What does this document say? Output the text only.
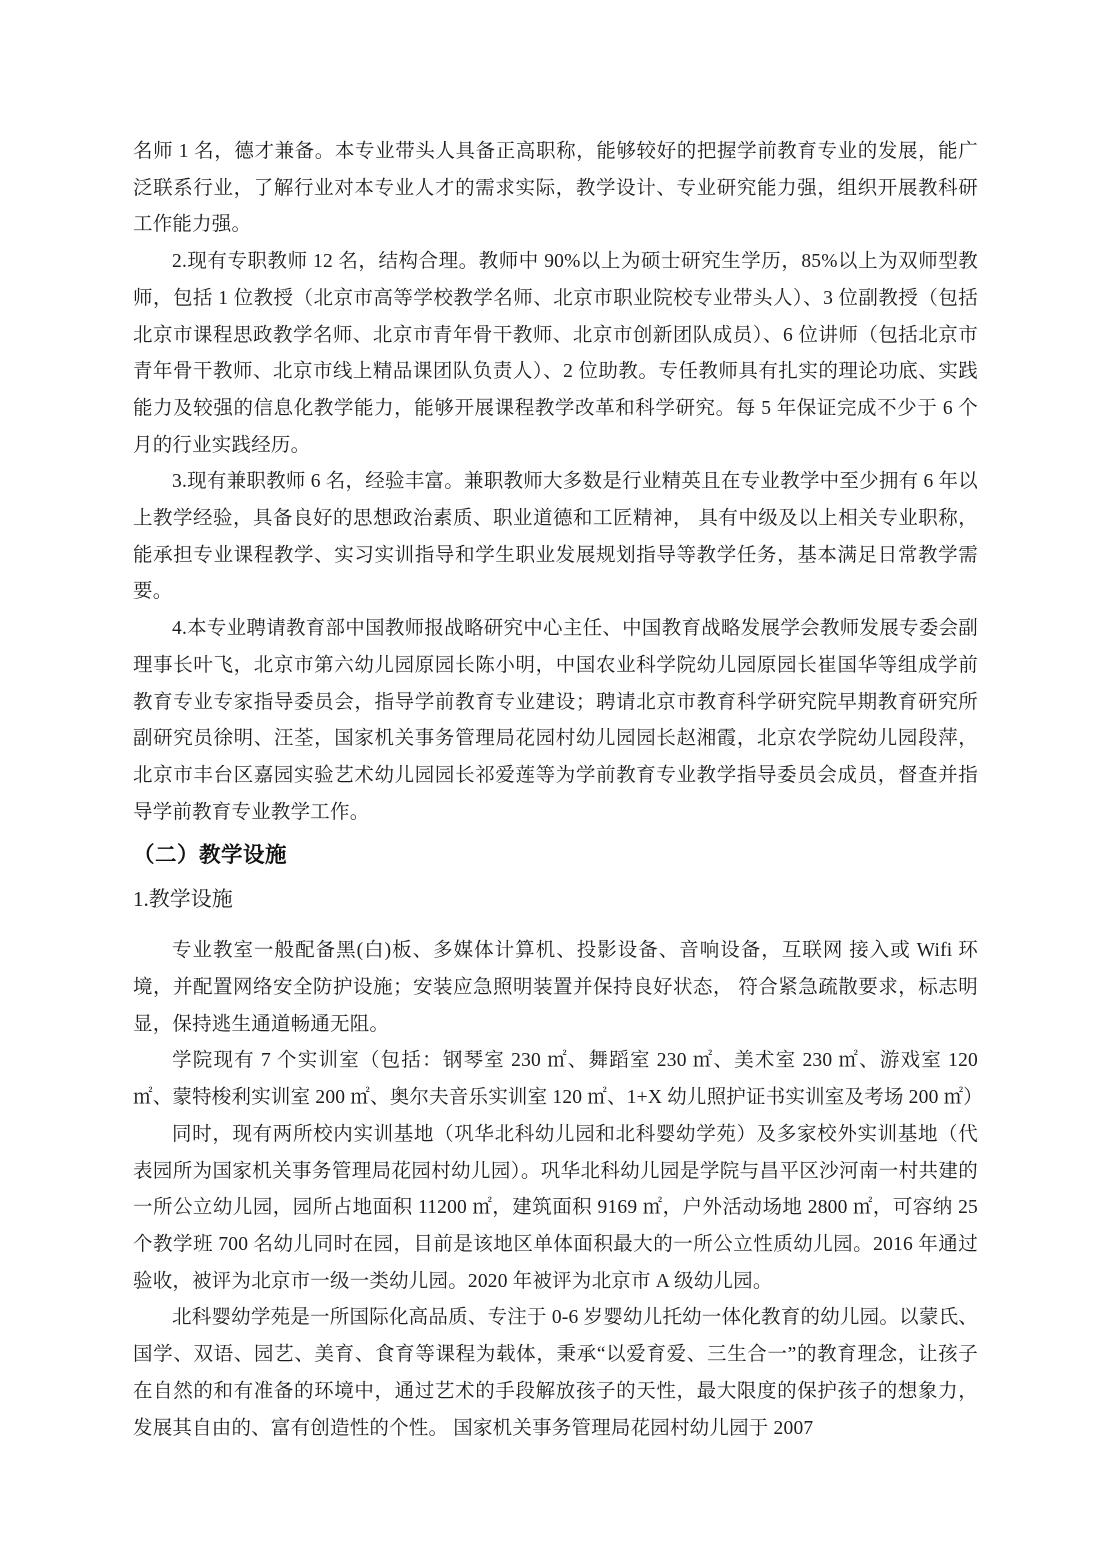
名师 1 名，德才兼备。本专业带头人具备正高职称，能够较好的把握学前教育专业的发展，能广泛联系行业，了解行业对本专业人才的需求实际，教学设计、专业研究能力强，组织开展教科研工作能力强。

2.现有专职教师 12 名，结构合理。教师中 90%以上为硕士研究生学历，85%以上为双师型教师，包括 1 位教授（北京市高等学校教学名师、北京市职业院校专业带头人）、3 位副教授（包括北京市课程思政教学名师、北京市青年骨干教师、北京市创新团队成员）、6 位讲师（包括北京市青年骨干教师、北京市线上精品课团队负责人）、2 位助教。专任教师具有扎实的理论功底、实践能力及较强的信息化教学能力，能够开展课程教学改革和科学研究。每 5 年保证完成不少于 6 个月的行业实践经历。

3.现有兼职教师 6 名，经验丰富。兼职教师大多数是行业精英且在专业教学中至少拥有 6 年以上教学经验，具备良好的思想政治素质、职业道德和工匠精神， 具有中级及以上相关专业职称，能承担专业课程教学、实习实训指导和学生职业发展规划指导等教学任务，基本满足日常教学需要。

4.本专业聘请教育部中国教师报战略研究中心主任、中国教育战略发展学会教师发展专委会副理事长叶飞，北京市第六幼儿园原园长陈小明，中国农业科学院幼儿园原园长崔国华等组成学前教育专业专家指导委员会，指导学前教育专业建设；聘请北京市教育科学研究院早期教育研究所副研究员徐明、汪荃，国家机关事务管理局花园村幼儿园园长赵湘霞，北京农学院幼儿园段萍，北京市丰台区嘉园实验艺术幼儿园园长祁爱莲等为学前教育专业教学指导委员会成员，督查并指导学前教育专业教学工作。

（二）教学设施
1.教学设施

专业教室一般配备黑(白)板、多媒体计算机、投影设备、音响设备，互联网 接入或 Wifi 环境，并配置网络安全防护设施；安装应急照明装置并保持良好状态， 符合紧急疏散要求，标志明显，保持逃生通道畅通无阻。

学院现有 7 个实训室（包括：钢琴室 230 ㎡、舞蹈室 230 ㎡、美术室 230 ㎡、游戏室 120 ㎡、蒙特梭利实训室 200 ㎡、奥尔夫音乐实训室 120 ㎡、1+X 幼儿照护证书实训室及考场 200 ㎡）

同时，现有两所校内实训基地（巩华北科幼儿园和北科婴幼学苑）及多家校外实训基地（代表园所为国家机关事务管理局花园村幼儿园）。巩华北科幼儿园是学院与昌平区沙河南一村共建的一所公立幼儿园，园所占地面积 11200 ㎡，建筑面积 9169 ㎡，户外活动场地 2800 ㎡，可容纳 25 个教学班 700 名幼儿同时在园，目前是该地区单体面积最大的一所公立性质幼儿园。2016 年通过验收，被评为北京市一级一类幼儿园。2020 年被评为北京市 A 级幼儿园。

北科婴幼学苑是一所国际化高品质、专注于 0-6 岁婴幼儿托幼一体化教育的幼儿园。以蒙氏、 国学、双语、园艺、美育、食育等课程为载体，秉承“以爱育爱、三生合一”的教育理念，让孩子在自然的和有准备的环境中，通过艺术的手段解放孩子的天性，最大限度的保护孩子的想象力，发展其自由的、富有创造性的个性。 国家机关事务管理局花园村幼儿园于 2007
